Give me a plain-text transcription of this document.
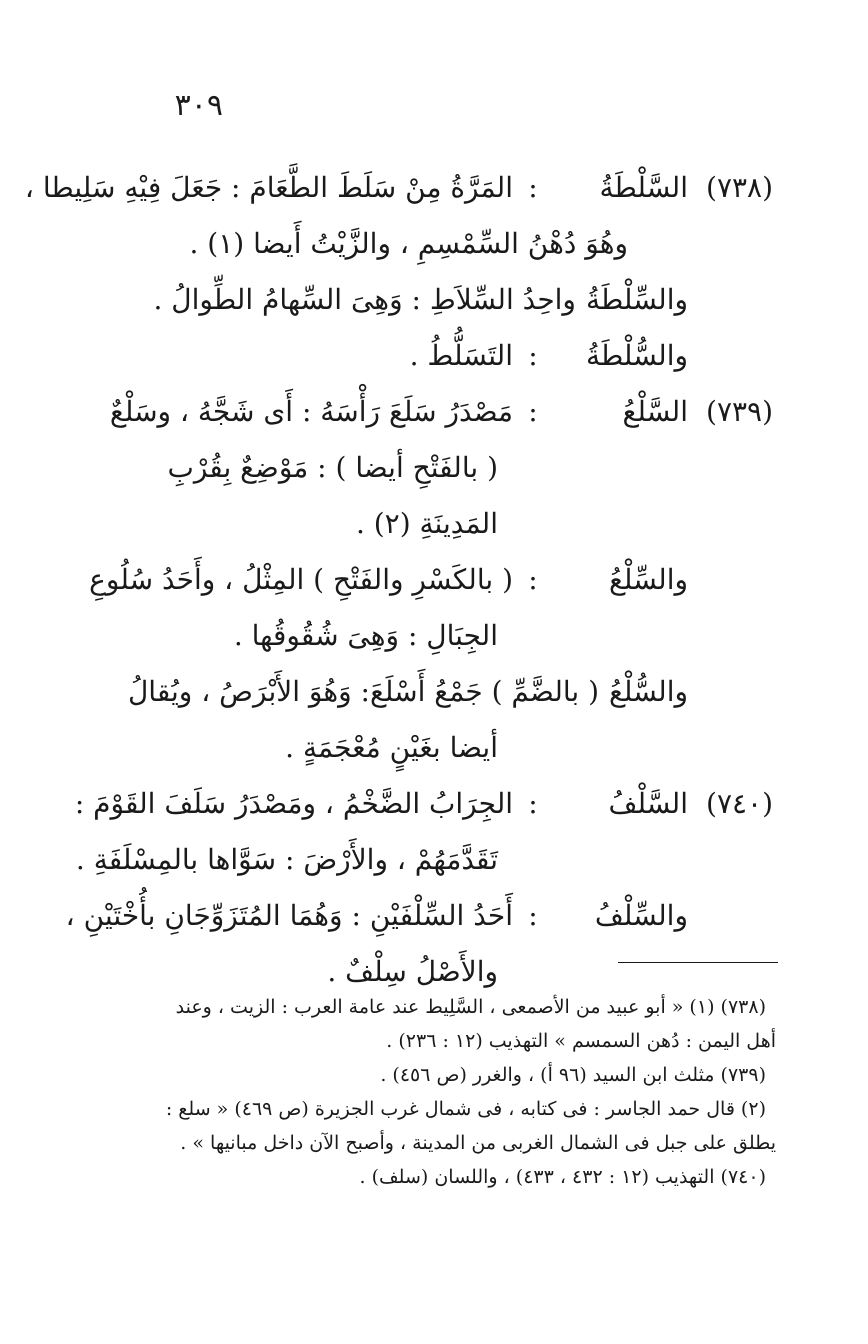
٣٠٩
(٧٣٨)
السَّلْطَةُ
:
المَرَّةُ مِنْ سَلَطَ الطَّعَامَ : جَعَلَ فِيْهِ سَلِيطا ،
وهُوَ دُهْنُ السِّمْسِمِ ، والزَّيْتُ أَيضا (١) .
والسِّلْطَةُ
واحِدُ السِّلاَطِ : وَهِىَ السِّهامُ الطِّوالُ .
والسُّلْطَةُ
:
التَسَلُّطُ .
(٧٣٩)
السَّلْعُ
:
مَصْدَرُ سَلَعَ رَأْسَهُ : أَى شَجَّهُ ، وسَلْعٌ
( بالفَتْحِ أيضا ) : مَوْضِعٌ بِقُرْبِ
المَدِينَةِ (٢) .
والسِّلْعُ
:
( بالكَسْرِ والفَتْحِ ) المِثْلُ ، وأَحَدُ سُلُوعِ
الجِبَالِ : وَهِىَ شُقُوقُها .
والسُّلْعُ
( بالضَّمِّ ) جَمْعُ أَسْلَعَ: وَهُوَ الأَبْرَصُ ، ويُقالُ
أيضا بغَيْنٍ مُعْجَمَةٍ .
(٧٤٠)
السَّلْفُ
:
الجِرَابُ الضَّخْمُ ، ومَصْدَرُ سَلَفَ القَوْمَ :
تَقَدَّمَهُمْ ، والأَرْضَ : سَوَّاها بالمِسْلَفَةِ .
والسِّلْفُ
:
أَحَدُ السِّلْفَيْنِ : وَهُمَا المُتَزَوِّجَانِ بأُخْتَيْنِ ،
والأَصْلُ سِلْفٌ .
(٧٣٨) (١) « أبو عبيد من الأصمعى ، السَّلِيط عند عامة العرب : الزيت ، وعند
أهل اليمن : دُهن السمسم » التهذيب (١٢ : ٢٣٦) .
(٧٣٩) مثلث ابن السيد (٩٦ أ) ، والغرر (ص ٤٥٦) .
(٢) قال حمد الجاسر : فى كتابه ، فى شمال غرب الجزيرة (ص ٤٦٩) « سلع :
يطلق على جبل فى الشمال الغربى من المدينة ، وأصبح الآن داخل مبانيها » .
(٧٤٠) التهذيب (١٢ : ٤٣٢ ، ٤٣٣) ، واللسان (سلف) .
